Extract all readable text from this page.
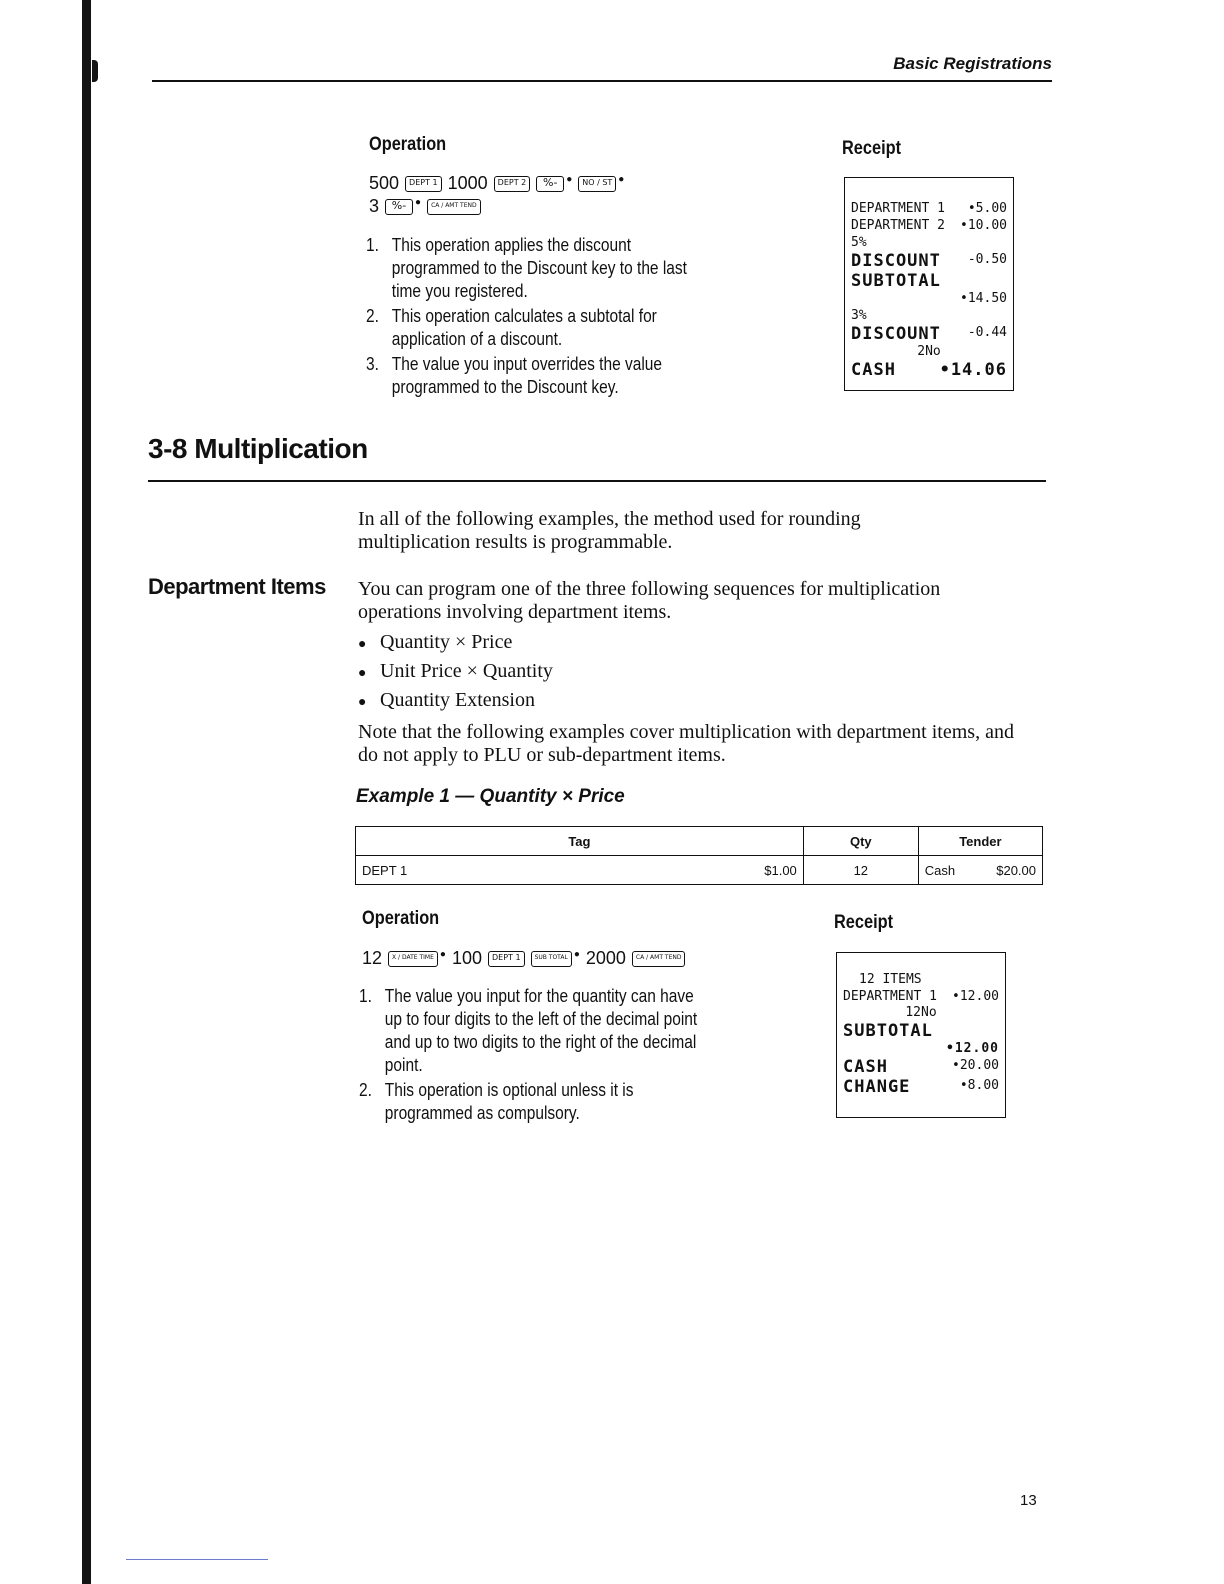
Basic Registrations
Operation
500	DEPT 1 1000	DEPT 2	%- ●	NO / ST ●
3	%- ●	CA / AMT TEND
1. This operation applies the discount programmed to the Discount key to the last time you registered.
2. This operation calculates a subtotal for application of a discount.
3. The value you input overrides the value programmed to the Discount key.
Receipt
DEPARTMENT 1 •5.00
DEPARTMENT 2 •10.00
5%
DISCOUNT -0.50
SUBTOTAL
•14.50
3%
DISCOUNT -0.44
2No
CASH	•14.06
3-8 Multiplication
In all of the following examples, the method used for rounding multiplication results is programmable.
Department Items You can program one of the three following sequences for multiplication operations involving department items.
● Quantity × Price
● Unit Price × Quantity
● Quantity Extension
Note that the following examples cover multiplication with department items, and do not apply to PLU or sub-department items.
Example 1 — Quantity × Price
Tag		Qty	Tender	
DEPT 1	$1.00	12	Cash	$20.00
Operation
12	X / DATE TIME ● 100	DEPT 1	SUB TOTAL ● 2000	CA / AMT TEND
1. The value you input for the quantity can have up to four digits to the left of the decimal point and up to two digits to the right of the decimal point.
2. This operation is optional unless it is programmed as compulsory.
Receipt
12 ITEMS
DEPARTMENT 1 •12.00
12No
SUBTOTAL
•12.00
CASH	•20.00
CHANGE	•8.00
13
